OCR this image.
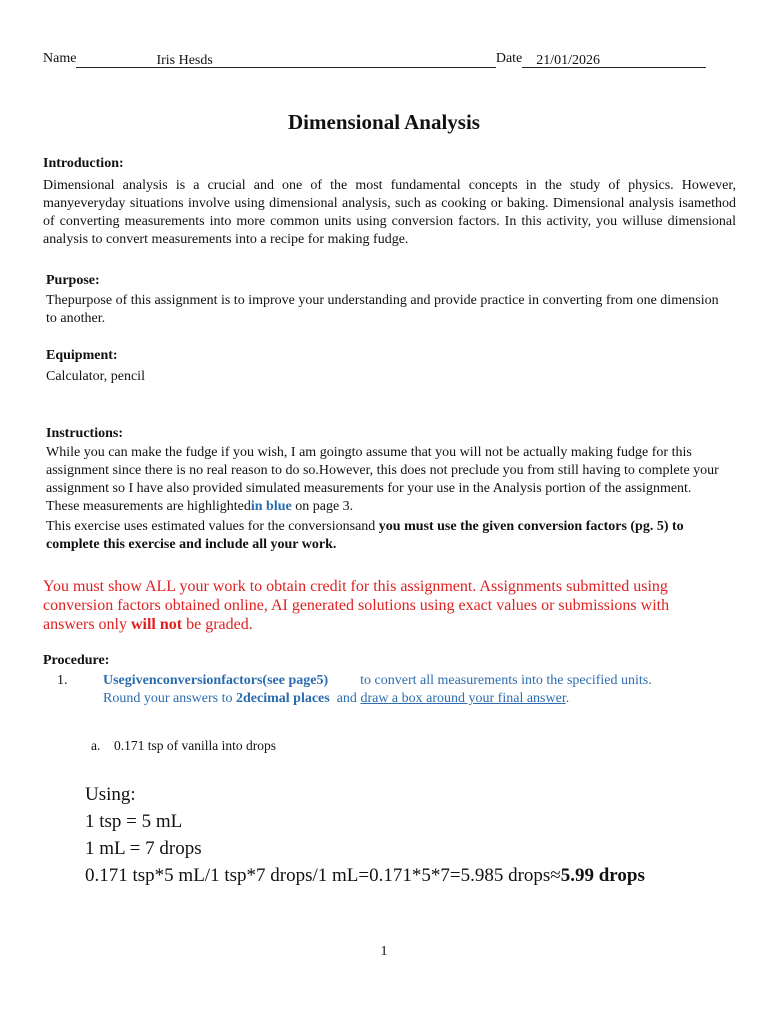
Name	Iris Hesds	Date 21/01/2026
Dimensional Analysis
Introduction:
Dimensional analysis is a crucial and one of the most fundamental concepts in the study of physics. However, manyeveryday situations involve using dimensional analysis, such as cooking or baking. Dimensional analysis isamethod of converting measurements into more common units using conversion factors. In this activity, you willuse dimensional analysis to convert measurements into a recipe for making fudge.
Purpose:
Thepurpose of this assignment is to improve your understanding and provide practice in converting from one dimension to another.
Equipment:
Calculator, pencil
Instructions:
While you can make the fudge if you wish, I am goingto assume that you will not be actually making fudge for this assignment since there is no real reason to do so.However, this does not preclude you from still having to complete your assignment so I have also provided simulated measurements for your use in the Analysis portion of the assignment. These measurements are highlightedin blue on page 3.
This exercise uses estimated values for the conversionsand you must use the given conversion factors (pg. 5) to complete this exercise and include all your work.
You must show ALL your work to obtain credit for this assignment. Assignments submitted using conversion factors obtained online, AI generated solutions using exact values or submissions with answers only will not be graded.
Procedure:
1.	Usegivenconversionfactors(see page5) to convert all measurements into the specified units.
Round your answers to 2decimal places  and draw a box around your final answer.
a. 0.171 tsp of vanilla into drops
Using:
1 tsp = 5 mL
1 mL = 7 drops
0.171 tsp*5 mL/1 tsp*7 drops/1 mL=0.171*5*7=5.985 drops≈5.99 drops
1
